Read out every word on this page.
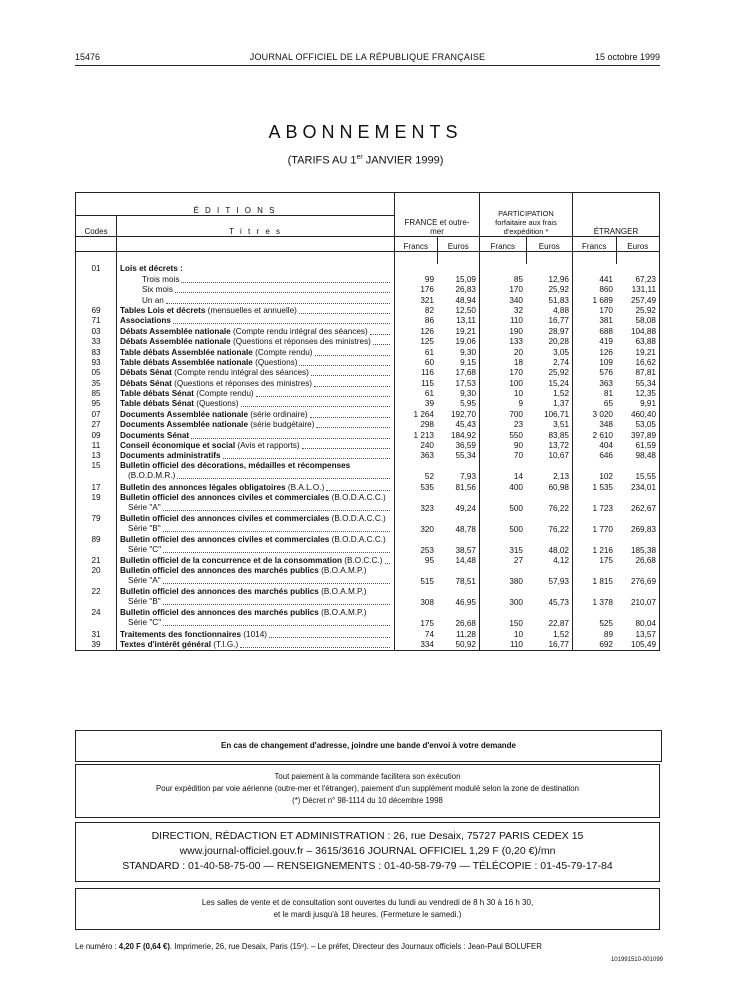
15476	JOURNAL OFFICIEL DE LA RÉPUBLIQUE FRANÇAISE	15 octobre 1999
ABONNEMENTS
(TARIFS AU 1er JANVIER 1999)
É D I T I O N S		FRANCE et outre-mer		PARTICIPATION forfaitaire aux frais d'expédition *		ÉTRANGER	
Codes	T i t r e s						
		Francs	Euros	Francs	Euros	Francs	Euros

01	Lois et décrets :						

	Trois mois	99	15,09	85	12,96	441	67,23

	Six mois	176	26,83	170	25,92	860	131,11

	Un an	321	48,94	340	51,83	1 689	257,49
69	Tables Lois et décrets (mensuelles et annuelle)	82	12,50	32	4,88	170	25,92
71	Associations	86	13,11	110	16,77	381	58,08
03	Débats Assemblée nationale (Compte rendu intégral des séances)	126	19,21	190	28,97	688	104,88
33	Débats Assemblée nationale (Questions et réponses des ministres)	125	19,06	133	20,28	419	63,88
83	Table débats Assemblée nationale (Compte rendu)	61	9,30	20	3,05	126	19,21
93	Table débats Assemblée nationale (Questions)	60	9,15	18	2,74	109	16,62
05	Débats Sénat (Compte rendu intégral des séances)	116	17,68	170	25,92	576	87,81
35	Débats Sénat (Questions et réponses des ministres)	115	17,53	100	15,24	363	55,34
85	Table débats Sénat (Compte rendu)	61	9,30	10	1,52	81	12,35
95	Table débats Sénat (Questions)	39	5,95	9	1,37	65	9,91
07	Documents Assemblée nationale (série ordinaire)	1 264	192,70	700	106,71	3 020	460,40
27	Documents Assemblée nationale (série budgétaire)	298	45,43	23	3,51	348	53,05
09	Documents Sénat	1 213	184,92	550	83,85	2 610	397,89
11	Conseil économique et social (Avis et rapports)	240	36,59	90	13,72	404	61,59
13	Documents administratifs	363	55,34	70	10,67	646	98,48
15	Bulletin officiel des décorations, médailles et récompenses
(B.O.D.M.R.)	52	7,93	14	2,13	102	15,55
17	Bulletin des annonces légales obligatoires (B.A.L.O.)	535	81,56	400	60,98	1 535	234,01
19	Bulletin officiel des annonces civiles et commerciales (B.O.D.A.C.C.)
Série "A"	323	49,24	500	76,22	1 723	262,67
79	Bulletin officiel des annonces civiles et commerciales (B.O.D.A.C.C.)
Série "B"	320	48,78	500	76,22	1 770	269,83
89	Bulletin officiel des annonces civiles et commerciales (B.O.D.A.C.C.)
Série "C"	253	38,57	315	48,02	1 216	185,38
21	Bulletin officiel de la concurrence et de la consommation (B.O.C.C.)	95	14,48	27	4,12	175	26,68
20	Bulletin officiel des annonces des marchés publics (B.O.A.M.P.)
Série "A"	515	78,51	380	57,93	1 815	276,69
22	Bulletin officiel des annonces des marchés publics (B.O.A.M.P.)
Série "B"	308	46,95	300	45,73	1 378	210,07
24	Bulletin officiel des annonces des marchés publics (B.O.A.M.P.)
Série "C"	175	26,68	150	22,87	525	80,04
31	Traitements des fonctionnaires (1014)	74	11,28	10	1,52	89	13,57
39	Textes d'intérêt général (T.I.G.)	334	50,92	110	16,77	692	105,49
En cas de changement d'adresse, joindre une bande d'envoi à votre demande
Tout paiement à la commande facilitera son exécution
Pour expédition par voie aérienne (outre-mer et l'étranger), paiement d'un supplément modulé selon la zone de destination
(*) Décret n° 98-1114 du 10 décembre 1998
DIRECTION, RÉDACTION ET ADMINISTRATION : 26, rue Desaix, 75727 PARIS CEDEX 15
www.journal-officiel.gouv.fr – 3615/3616 JOURNAL OFFICIEL 1,29 F (0,20 €)/mn
STANDARD : 01-40-58-75-00 — RENSEIGNEMENTS : 01-40-58-79-79 — TÉLÉCOPIE : 01-45-79-17-84
Les salles de vente et de consultation sont ouvertes du lundi au vendredi de 8 h 30 à 16 h 30,
et le mardi jusqu'à 18 heures. (Fermeture le samedi.)
Le numéro : 4,20 F (0,64 €). Imprimerie, 26, rue Desaix, Paris (15ᵉ). – Le préfet, Directeur des Journaux officiels : Jean-Paul BOLUFER
101991510-001099
